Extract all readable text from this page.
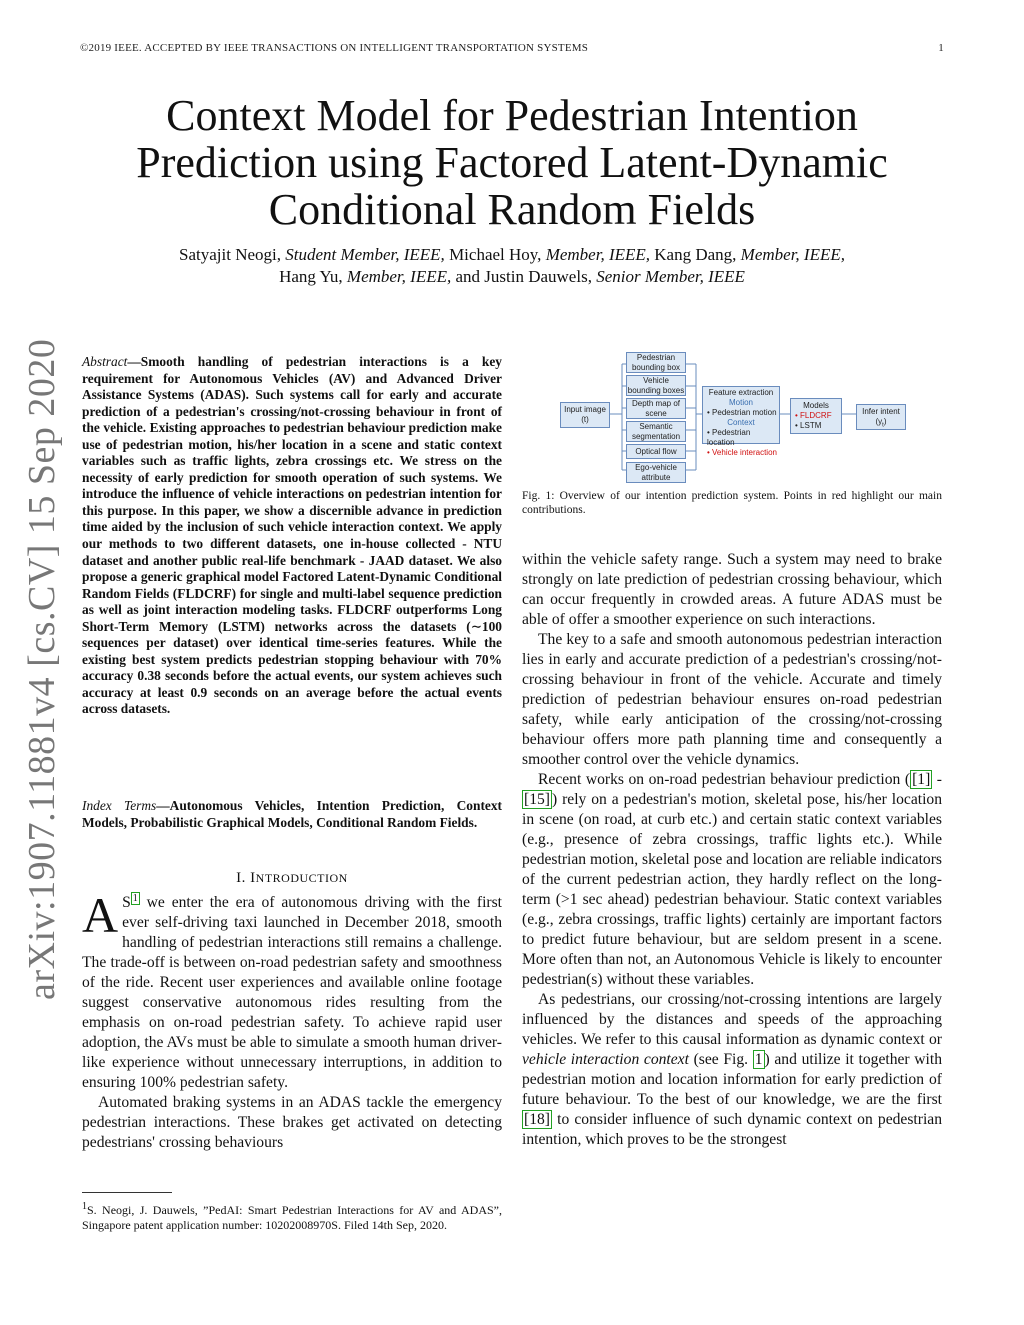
©2019 IEEE. ACCEPTED BY IEEE TRANSACTIONS ON INTELLIGENT TRANSPORTATION SYSTEMS	1
Context Model for Pedestrian Intention
Prediction using Factored Latent-Dynamic
Conditional Random Fields
Satyajit Neogi, Student Member, IEEE, Michael Hoy, Member, IEEE, Kang Dang, Member, IEEE,
Hang Yu, Member, IEEE, and Justin Dauwels, Senior Member, IEEE
arXiv:1907.11881v4 [cs.CV] 15 Sep 2020 Abstract—Smooth handling of pedestrian interactions is a key requirement for Autonomous Vehicles (AV) and Advanced Driver Assistance Systems (ADAS). Such systems call for early and accurate prediction of a pedestrian's crossing/not-crossing behaviour in front of the vehicle. Existing approaches to pedestrian behaviour prediction make use of pedestrian motion, his/her location in a scene and static context variables such as traffic lights, zebra crossings etc. We stress on the necessity of early prediction for smooth operation of such systems. We introduce the influence of vehicle interactions on pedestrian intention for this purpose. In this paper, we show a discernible advance in prediction time aided by the inclusion of such vehicle interaction context. We apply our methods to two different datasets, one in-house collected - NTU dataset and another public real-life benchmark - JAAD dataset. We also propose a generic graphical model Factored Latent-Dynamic Conditional Random Fields (FLDCRF) for single and multi-label sequence prediction as well as joint interaction modeling tasks. FLDCRF outperforms Long Short-Term Memory (LSTM) networks across the datasets (∼100 sequences per dataset) over identical time-series features. While the existing best system predicts pedestrian stopping behaviour with 70% accuracy 0.38 seconds before the actual events, our system achieves such accuracy at least 0.9 seconds on an average before the actual events across datasets.
Index Terms—Autonomous Vehicles, Intention Prediction, Context Models, Probabilistic Graphical Models, Conditional Random Fields.
I. INTRODUCTION

A S $^1$ we enter the era of autonomous driving with the first ever self-driving taxi launched in December 2018, smooth handling of pedestrian interactions still remains a challenge. The trade-off is between on-road pedestrian safety and smoothness of the ride. Recent user experiences and available online footage suggest conservative autonomous rides resulting from the emphasis on on-road pedestrian safety. To achieve rapid user adoption, the AVs must be able to simulate a smooth human driver-like experience without unnecessary interruptions, in addition to ensuring 100% pedestrian safety.

Automated braking systems in an ADAS tackle the emergency pedestrian interactions. These brakes get activated on detecting pedestrians' crossing behaviours

$^1$S. Neogi, J. Dauwels, ”PedAI: Smart Pedestrian Interactions for AV and ADAS”, Singapore patent application number: 10202008970S. Filed 14th Sep, 2020.
Input image
(t)
Pedestrian bounding box
Vehicle bounding boxes
Depth map of scene
Semantic segmentation
Optical flow
Ego-vehicle attribute
Feature extraction
Motion
• Pedestrian motion
Context
• Pedestrian location
• Vehicle interaction
Models
• FLDCRF
• LSTM
Infer intent
$(y_t)$
Fig. 1: Overview of our intention prediction system. Points in red highlight our main contributions.

within the vehicle safety range. Such a system may need to brake strongly on late prediction of pedestrian crossing behaviour, which can occur frequently in crowded areas. A future ADAS must be able of offer a smoother experience on such interactions.

The key to a safe and smooth autonomous pedestrian interaction lies in early and accurate prediction of a pedestrian's crossing/not-crossing behaviour in front of the vehicle. Accurate and timely prediction of pedestrian behaviour ensures on-road pedestrian safety, while early anticipation of the crossing/not-crossing behaviour offers more path planning time and consequently a smoother control over the vehicle dynamics.

Recent works on on-road pedestrian behaviour prediction ( [1] - [15] ) rely on a pedestrian's motion, skeletal pose, his/her location in scene (on road, at curb etc.) and certain static context variables (e.g., presence of zebra crossings, traffic lights etc.). While pedestrian motion, skeletal pose and location are reliable indicators of the current pedestrian action, they hardly reflect on the long-term (>1 sec ahead) pedestrian behaviour. Static context variables (e.g., zebra crossings, traffic lights) certainly are important factors to predict future behaviour, but are seldom present in a scene. More often than not, an Autonomous Vehicle is likely to encounter pedestrian(s) without these variables.

As pedestrians, our crossing/not-crossing intentions are largely influenced by the distances and speeds of the approaching vehicles. We refer to this causal information as dynamic context or vehicle interaction context (see Fig. 1 ) and utilize it together with pedestrian motion and location information for early prediction of future behaviour. To the best of our knowledge, we are the first [18] to consider influence of such dynamic context on pedestrian intention, which proves to be the strongest
